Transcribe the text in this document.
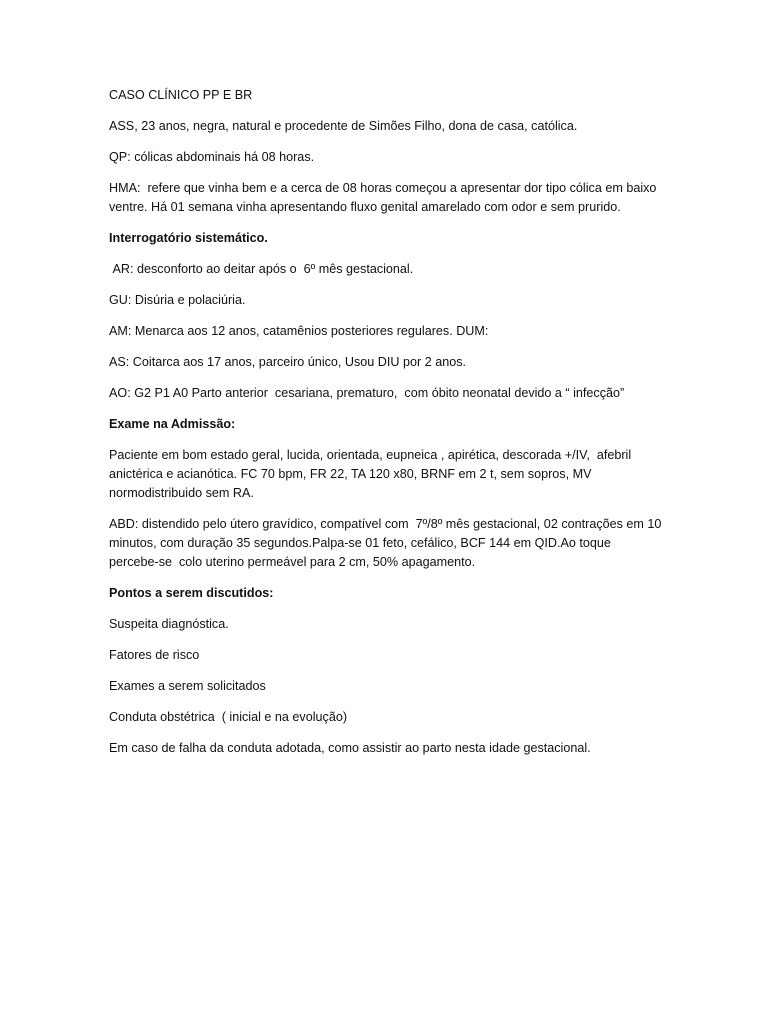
CASO CLÍNICO PP E BR

ASS, 23 anos, negra, natural e procedente de Simões Filho, dona de casa, católica.

QP: cólicas abdominais há 08 horas.

HMA:  refere que vinha bem e a cerca de 08 horas começou a apresentar dor tipo cólica em baixo ventre. Há 01 semana vinha apresentando fluxo genital amarelado com odor e sem prurido.

Interrogatório sistemático.

AR: desconforto ao deitar após o  6º mês gestacional.

GU: Disúria e polaciúria.

AM: Menarca aos 12 anos, catamênios posteriores regulares. DUM:

AS: Coitarca aos 17 anos, parceiro único, Usou DIU por 2 anos.

AO: G2 P1 A0 Parto anterior  cesariana, prematuro,  com óbito neonatal devido a “ infecção”

Exame na Admissão:

Paciente em bom estado geral, lucida, orientada, eupneica , apirética, descorada +/IV,  afebril anictérica e acianótica. FC 70 bpm, FR 22, TA 120 x80, BRNF em 2 t, sem sopros, MV normodistribuido sem RA.

ABD: distendido pelo útero gravídico, compatível com  7º/8º mês gestacional, 02 contrações em 10 minutos, com duração 35 segundos.Palpa-se 01 feto, cefálico, BCF 144 em QID.Ao toque percebe-se  colo uterino permeável para 2 cm, 50% apagamento.

Pontos a serem discutidos:

Suspeita diagnóstica.

Fatores de risco

Exames a serem solicitados

Conduta obstétrica  ( inicial e na evolução)

Em caso de falha da conduta adotada, como assistir ao parto nesta idade gestacional.
